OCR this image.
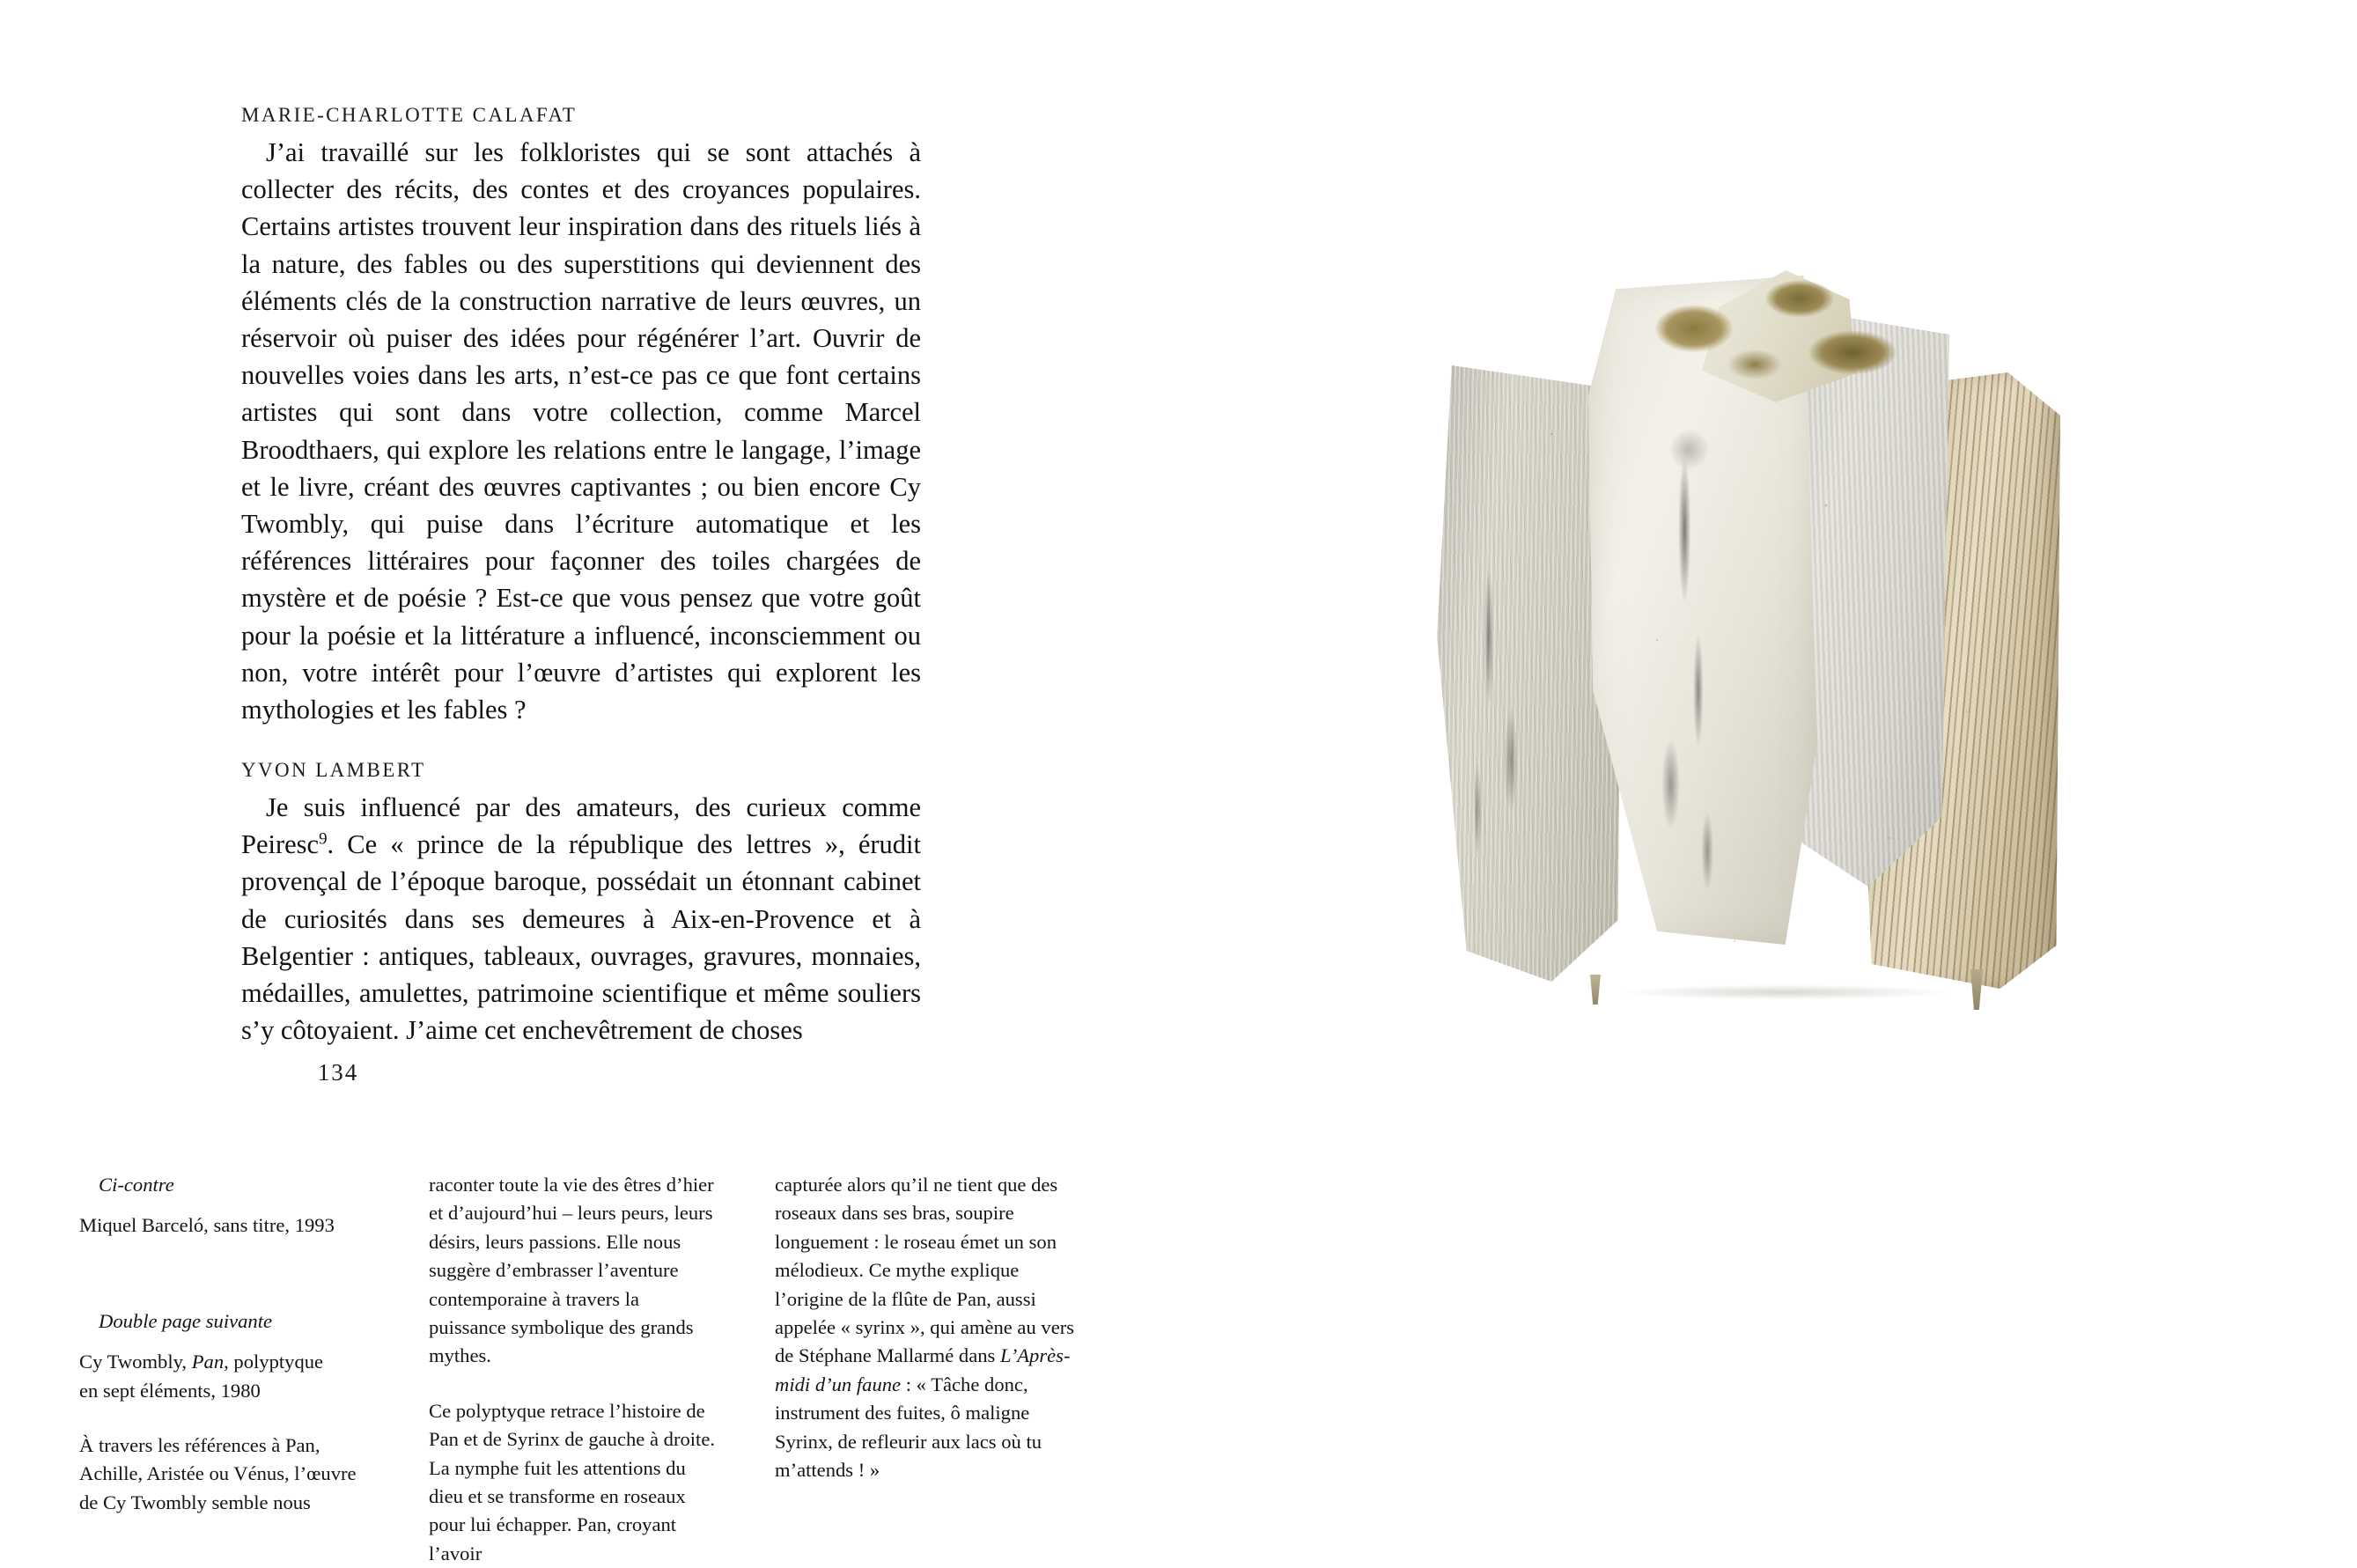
MARIE-CHARLOTTE CALAFAT

J’ai travaillé sur les folkloristes qui se sont attachés à collecter des récits, des contes et des croyances populaires. Certains artistes trouvent leur inspiration dans des rituels liés à la nature, des fables ou des superstitions qui deviennent des éléments clés de la construction narrative de leurs œuvres, un réservoir où puiser des idées pour régénérer l’art. Ouvrir de nouvelles voies dans les arts, n’est-ce pas ce que font certains artistes qui sont dans votre collection, comme Marcel Broodthaers, qui explore les relations entre le langage, l’image et le livre, créant des œuvres captivantes ; ou bien encore Cy Twombly, qui puise dans l’écriture automatique et les références littéraires pour façonner des toiles chargées de mystère et de poésie ? Est-ce que vous pensez que votre goût pour la poésie et la littérature a influencé, inconsciemment ou non, votre intérêt pour l’œuvre d’artistes qui explorent les mythologies et les fables ?

YVON LAMBERT

Je suis influencé par des amateurs, des curieux comme Peiresc$^9$. Ce « prince de la république des lettres », érudit provençal de l’époque baroque, possédait un étonnant cabinet de curiosités dans ses demeures à Aix-en-Provence et à Belgentier : antiques, tableaux, ouvrages, gravures, monnaies, médailles, amulettes, patrimoine scientifique et même souliers s’y côtoyaient. J’aime cet enchevêtrement de choses

134
Ci-contre

Miquel Barceló, sans titre, 1993

Double page suivante

Cy Twombly, Pan, polyptyque
en sept éléments, 1980

À travers les références à Pan, Achille, Aristée ou Vénus, l’œuvre de Cy Twombly semble nous

raconter toute la vie des êtres d’hier et d’aujourd’hui – leurs peurs, leurs désirs, leurs passions. Elle nous suggère d’embrasser l’aventure contemporaine à travers la puissance symbolique des grands mythes.

Ce polyptyque retrace l’histoire de Pan et de Syrinx de gauche à droite. La nymphe fuit les attentions du dieu et se transforme en roseaux pour lui échapper. Pan, croyant l’avoir

capturée alors qu’il ne tient que des roseaux dans ses bras, soupire longuement : le roseau émet un son mélodieux. Ce mythe explique l’origine de la flûte de Pan, aussi appelée « syrinx », qui amène au vers de Stéphane Mallarmé dans L’Après-midi d’un faune : « Tâche donc, instrument des fuites, ô maligne Syrinx, de refleurir aux lacs où tu m’attends ! »
